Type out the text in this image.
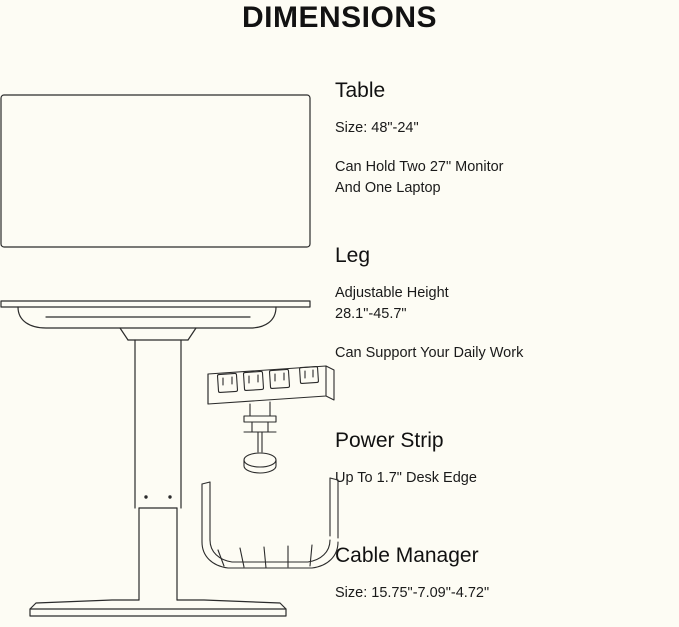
DIMENSIONS
Table
Size: 48"-24"
Can Hold Two 27" Monitor
And One Laptop
Leg
Adjustable Height
28.1"-45.7"
Can Support Your Daily Work
Power Strip
Up To 1.7" Desk Edge
Cable Manager
Size: 15.75"-7.09"-4.72"
